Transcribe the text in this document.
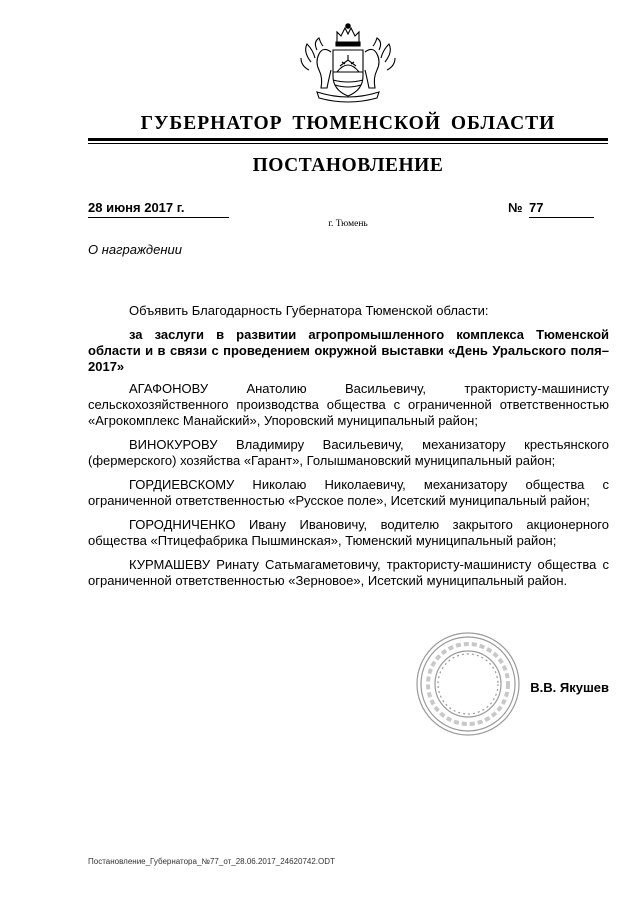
ГУБЕРНАТОР ТЮМЕНСКОЙ ОБЛАСТИ
ПОСТАНОВЛЕНИЕ
28 июня 2017 г.	№ 77
г. Тюмень
О награждении

Объявить Благодарность Губернатора Тюменской области:

за заслуги в развитии агропромышленного комплекса Тюменской области и в связи с проведением окружной выставки «День Уральского поля–2017»

АГАФОНОВУ Анатолию Васильевичу, трактористу-машинисту сельскохозяйственного производства общества с ограниченной ответственностью «Агрокомплекс Манайский», Упоровский муниципальный район;

ВИНОКУРОВУ Владимиру Васильевичу, механизатору крестьянского (фермерского) хозяйства «Гарант», Голышмановский муниципальный район;

ГОРДИЕВСКОМУ Николаю Николаевичу, механизатору общества с ограниченной ответственностью «Русское поле», Исетский муниципальный район;

ГОРОДНИЧЕНКО Ивану Ивановичу, водителю закрытого акционерного общества «Птицефабрика Пышминская», Тюменский муниципальный район;

КУРМАШЕВУ Ринату Сатьмагаметовичу, трактористу-машинисту общества с ограниченной ответственностью «Зерновое», Исетский муниципальный район.

В.В. Якушев
Постановление_Губернатора_№77_от_28.06.2017_24620742.ODT
